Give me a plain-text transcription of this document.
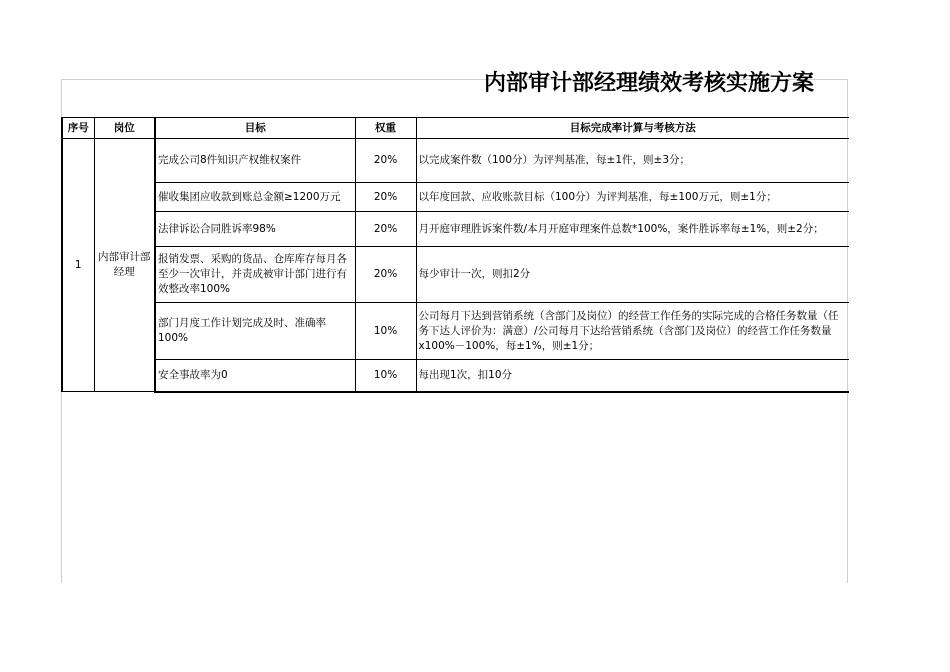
内部审计部经理绩效考核实施方案
序号	岗位	目标	权重	目标完成率计算与考核方法
1	内部审计部经理	完成公司8件知识产权维权案件	20%	以完成案件数（100分）为评判基准，每±1件，则±3分；
		催收集团应收款到账总金额≥1200万元	20%	以年度回款、应收账款目标（100分）为评判基准，每±100万元，则±1分；
		法律诉讼合同胜诉率98%	20%	月开庭审理胜诉案件数/本月开庭审理案件总数*100%，案件胜诉率每±1%，则±2分；
		报销发票、采购的货品、仓库库存每月各至少一次审计，并责成被审计部门进行有效整改率100%	20%	每少审计一次，则扣2分
		部门月度工作计划完成及时、准确率100%	10%	公司每月下达到营销系统（含部门及岗位）的经营工作任务的实际完成的合格任务数量（任务下达人评价为：满意）/公司每月下达给营销系统（含部门及岗位）的经营工作任务数量x100%－100%，每±1%，则±1分；
		安全事故率为0	10%	每出现1次，扣10分
